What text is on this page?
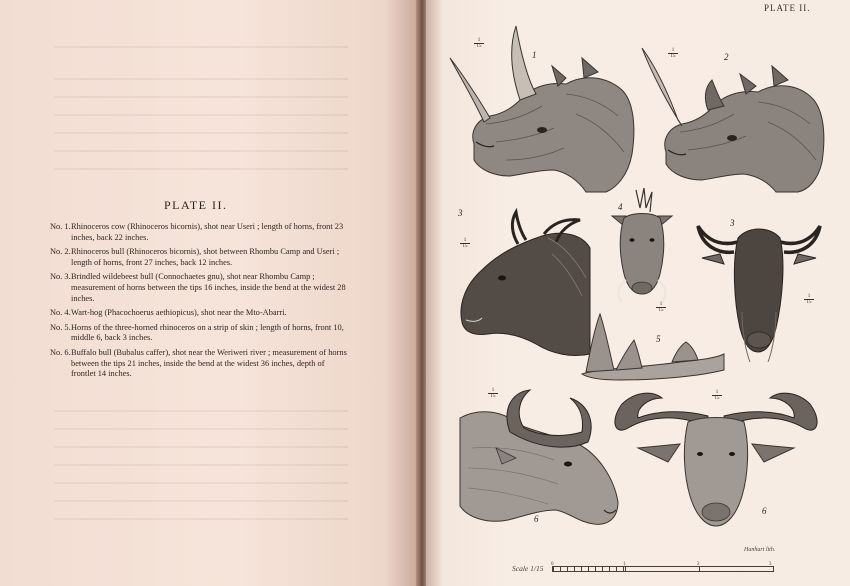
PLATE II.
No. 1. Rhinoceros cow (Rhinoceros bicornis), shot near Useri ; length of horns, front 23 inches, back 22 inches.
No. 2. Rhinoceros bull (Rhinoceros bicornis), shot between Rhombu Camp and Useri ; length of horns, front 27 inches, back 12 inches.
No. 3. Brindled wildebeest bull (Connochaetes gnu), shot near Rhombu Camp ; measurement of horns between the tips 16 inches, inside the bend at the widest 28 inches.
No. 4. Wart-hog (Phacochoerus aethiopicus), shot near the Mto-Abarri.
No. 5. Horns of the three-horned rhinoceros on a strip of skin ; length of horns, front 10, middle 6, back 3 inches.
No. 6. Buffalo bull (Bubalus caffer), shot near the Weriweri river ; measurement of horns between the tips 21 inches, inside the bend at the widest 36 inches, depth of frontlet 14 inches.
PLATE II.
1
$\frac{1}{15}$
2
$\frac{1}{15}$
3
$\frac{1}{15}$
4
$\frac{1}{15}$
3
$\frac{1}{15}$
5
6
$\frac{1}{15}$
6
$\frac{1}{15}$
Hanhart lith.
Scale 1/15 0	1	2	3
